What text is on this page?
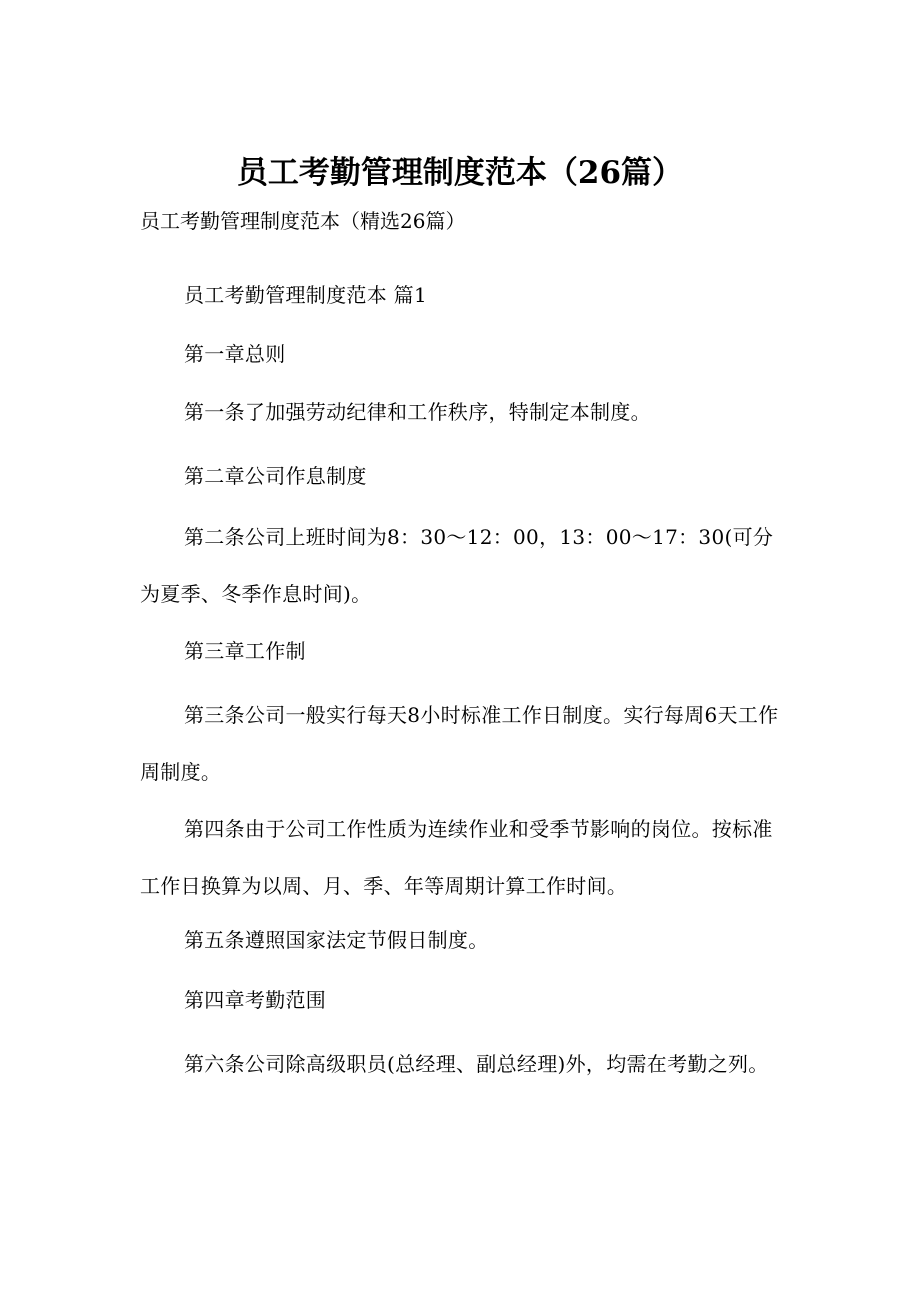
员工考勤管理制度范本（26篇）
员工考勤管理制度范本（精选26篇）

员工考勤管理制度范本 篇1

第一章总则

第一条了加强劳动纪律和工作秩序，特制定本制度。

第二章公司作息制度

第二条公司上班时间为8：30～12：00，13：00～17：30(可分为夏季、冬季作息时间)。

第三章工作制

第三条公司一般实行每天8小时标准工作日制度。实行每周6天工作周制度。

第四条由于公司工作性质为连续作业和受季节影响的岗位。按标准工作日换算为以周、月、季、年等周期计算工作时间。

第五条遵照国家法定节假日制度。

第四章考勤范围

第六条公司除高级职员(总经理、副总经理)外，均需在考勤之列。
